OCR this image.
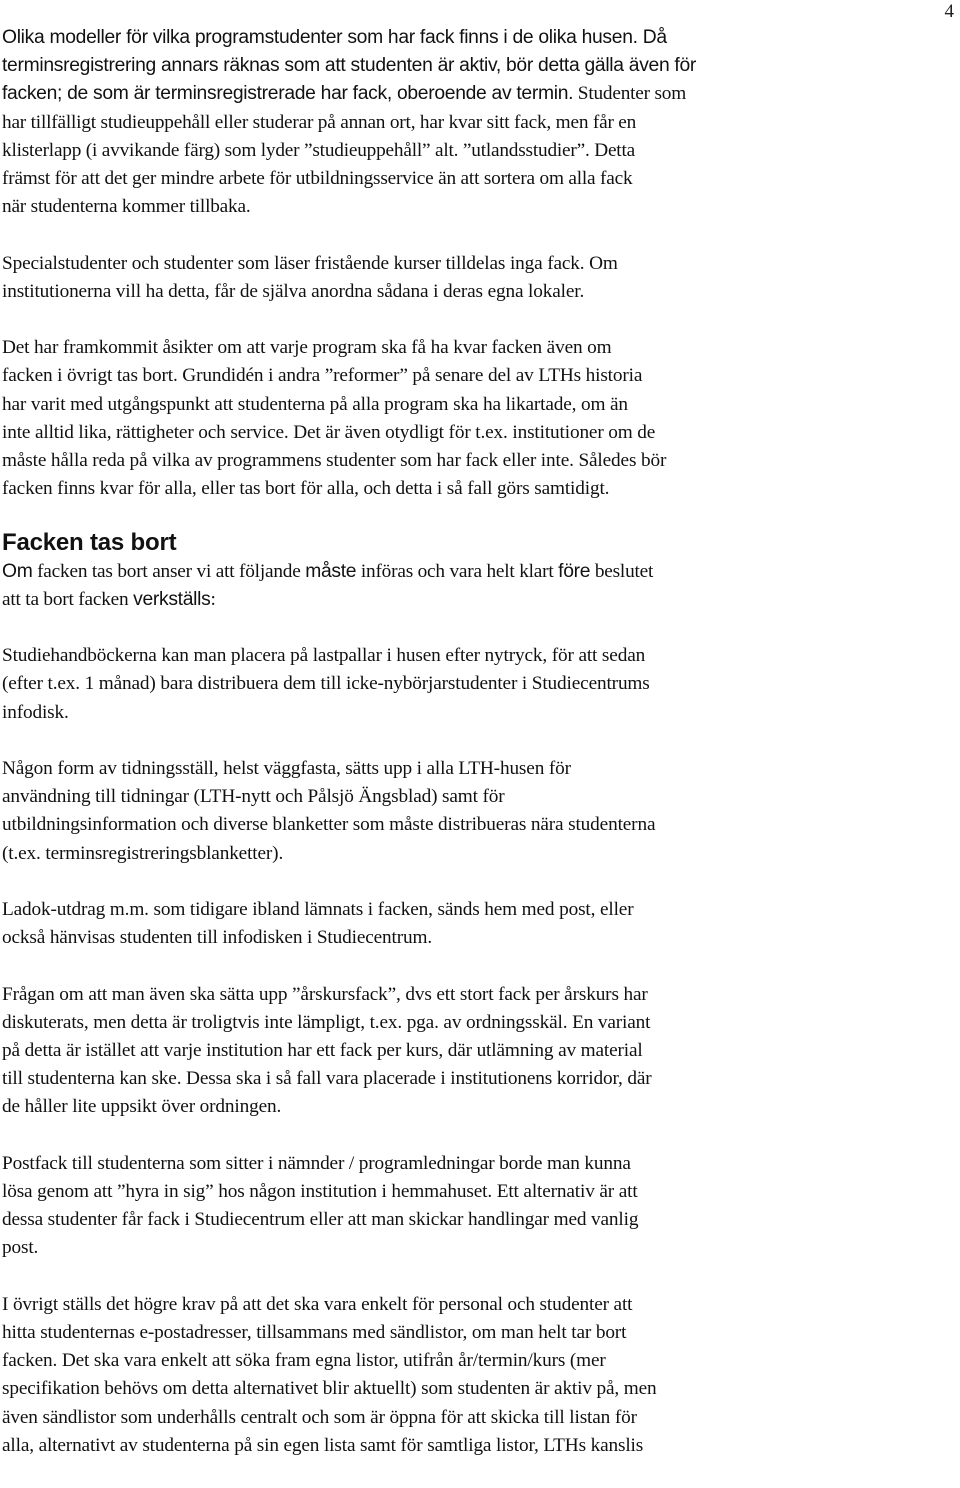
4

Olika modeller för vilka programstudenter som har fack finns i de olika husen. Då
terminsregistrering annars räknas som att studenten är aktiv, bör detta gälla även för
facken; de som är terminsregistrerade har fack, oberoende av termin. Studenter som
har tillfälligt studieuppehåll eller studerar på annan ort, har kvar sitt fack, men får en
klisterlapp (i avvikande färg) som lyder ”studieuppehåll” alt. ”utlandsstudier”. Detta
främst för att det ger mindre arbete för utbildningsservice än att sortera om alla fack
när studenterna kommer tillbaka.

Specialstudenter och studenter som läser fristående kurser tilldelas inga fack. Om
institutionerna vill ha detta, får de själva anordna sådana i deras egna lokaler.

Det har framkommit åsikter om att varje program ska få ha kvar facken även om
facken i övrigt tas bort. Grundidén i andra ”reformer” på senare del av LTHs historia
har varit med utgångspunkt att studenterna på alla program ska ha likartade, om än
inte alltid lika, rättigheter och service. Det är även otydligt för t.ex. institutioner om de
måste hålla reda på vilka av programmens studenter som har fack eller inte. Således bör
facken finns kvar för alla, eller tas bort för alla, och detta i så fall görs samtidigt.

Facken tas bort

Om facken tas bort anser vi att följande måste införas och vara helt klart före beslutet
att ta bort facken verkställs:

Studiehandböckerna kan man placera på lastpallar i husen efter nytryck, för att sedan
(efter t.ex. 1 månad) bara distribuera dem till icke-nybörjarstudenter i Studiecentrums
infodisk.

Någon form av tidningsställ, helst väggfasta, sätts upp i alla LTH-husen för
användning till tidningar (LTH-nytt och Pålsjö Ängsblad) samt för
utbildningsinformation och diverse blanketter som måste distribueras nära studenterna
(t.ex. terminsregistreringsblanketter).

Ladok-utdrag m.m. som tidigare ibland lämnats i facken, sänds hem med post, eller
också hänvisas studenten till infodisken i Studiecentrum.

Frågan om att man även ska sätta upp ”årskursfack”, dvs ett stort fack per årskurs har
diskuterats, men detta är troligtvis inte lämpligt, t.ex. pga. av ordningsskäl. En variant
på detta är istället att varje institution har ett fack per kurs, där utlämning av material
till studenterna kan ske. Dessa ska i så fall vara placerade i institutionens korridor, där
de håller lite uppsikt över ordningen.

Postfack till studenterna som sitter i nämnder / programledningar borde man kunna
lösa genom att ”hyra in sig” hos någon institution i hemmahuset. Ett alternativ är att
dessa studenter får fack i Studiecentrum eller att man skickar handlingar med vanlig
post.

I övrigt ställs det högre krav på att det ska vara enkelt för personal och studenter att
hitta studenternas e-postadresser, tillsammans med sändlistor, om man helt tar bort
facken. Det ska vara enkelt att söka fram egna listor, utifrån år/termin/kurs (mer
specifikation behövs om detta alternativet blir aktuellt) som studenten är aktiv på, men
även sändlistor som underhålls centralt och som är öppna för att skicka till listan för
alla, alternativt av studenterna på sin egen lista samt för samtliga listor, LTHs kanslis
